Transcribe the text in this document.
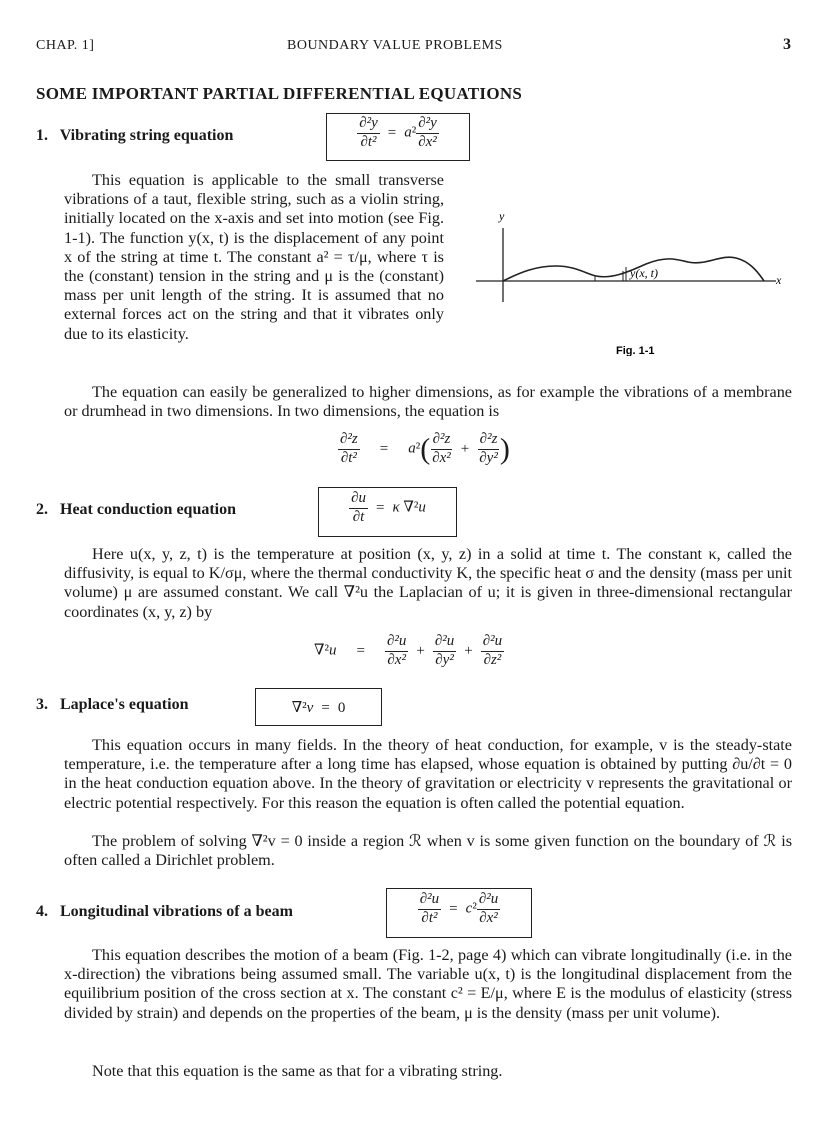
CHAP. 1]	BOUNDARY VALUE PROBLEMS	3
SOME IMPORTANT PARTIAL DIFFERENTIAL EQUATIONS
1. Vibrating string equation	$\frac{\text{∂²y}}{\text{∂t²}} = a^2 \frac{\text{∂²y}}{\text{∂x²}}$

This equation is applicable to the small transverse vibrations of a taut, flexible string, such as a violin string, initially located on the x-axis and set into motion (see Fig. 1-1). The function y(x, t) is the displacement of any point x of the string at time t. The constant a² = τ/μ, where τ is the (constant) tension in the string and μ is the (constant) mass per unit length of the string. It is assumed that no external forces act on the string and that it vibrates only due to its elasticity.

y
x
y(x, t)
Fig. 1-1

The equation can easily be generalized to higher dimensions, as for example the vibrations of a membrane or drumhead in two dimensions. In two dimensions, the equation is

$\frac{\text{∂²z}}{\text{∂t²}} = a^2( \frac{\text{∂²z}}{\text{∂x²}} + \frac{\text{∂²z}}{\text{∂y²}}$ )
2. Heat conduction equation	$\frac{\partial u}{\partial t} = \kappa$ ∇²u

Here u(x, y, z, t) is the temperature at position (x, y, z) in a solid at time t. The constant κ, called the diffusivity, is equal to K/σμ, where the thermal conductivity K, the specific heat σ and the density (mass per unit volume) μ are assumed constant. We call ∇²u the Laplacian of u; it is given in three-dimensional rectangular coordinates (x, y, z) by

$\nabla^2u = \frac{\text{∂²u}}{\text{∂x²}} + \frac{\text{∂²u}}{\text{∂y²}} + \frac{\text{∂²u}}{\text{∂z²}}$
3. Laplace's equation	∇²v = 0

This equation occurs in many fields. In the theory of heat conduction, for example, v is the steady-state temperature, i.e. the temperature after a long time has elapsed, whose equation is obtained by putting ∂u/∂t = 0 in the heat conduction equation above. In the theory of gravitation or electricity v represents the gravitational or electric potential respectively. For this reason the equation is often called the potential equation.

The problem of solving ∇²v = 0 inside a region ℛ when v is some given function on the boundary of ℛ is often called a Dirichlet problem.

4. Longitudinal vibrations of a beam	$\frac{\text{∂²u}}{\text{∂t²}} = c^2 \frac{\text{∂²u}}{\text{∂x²}}$

This equation describes the motion of a beam (Fig. 1-2, page 4) which can vibrate longitudinally (i.e. in the x-direction) the vibrations being assumed small. The variable u(x, t) is the longitudinal displacement from the equilibrium position of the cross section at x. The constant c² = E/μ, where E is the modulus of elasticity (stress divided by strain) and depends on the properties of the beam, μ is the density (mass per unit volume).

Note that this equation is the same as that for a vibrating string.
